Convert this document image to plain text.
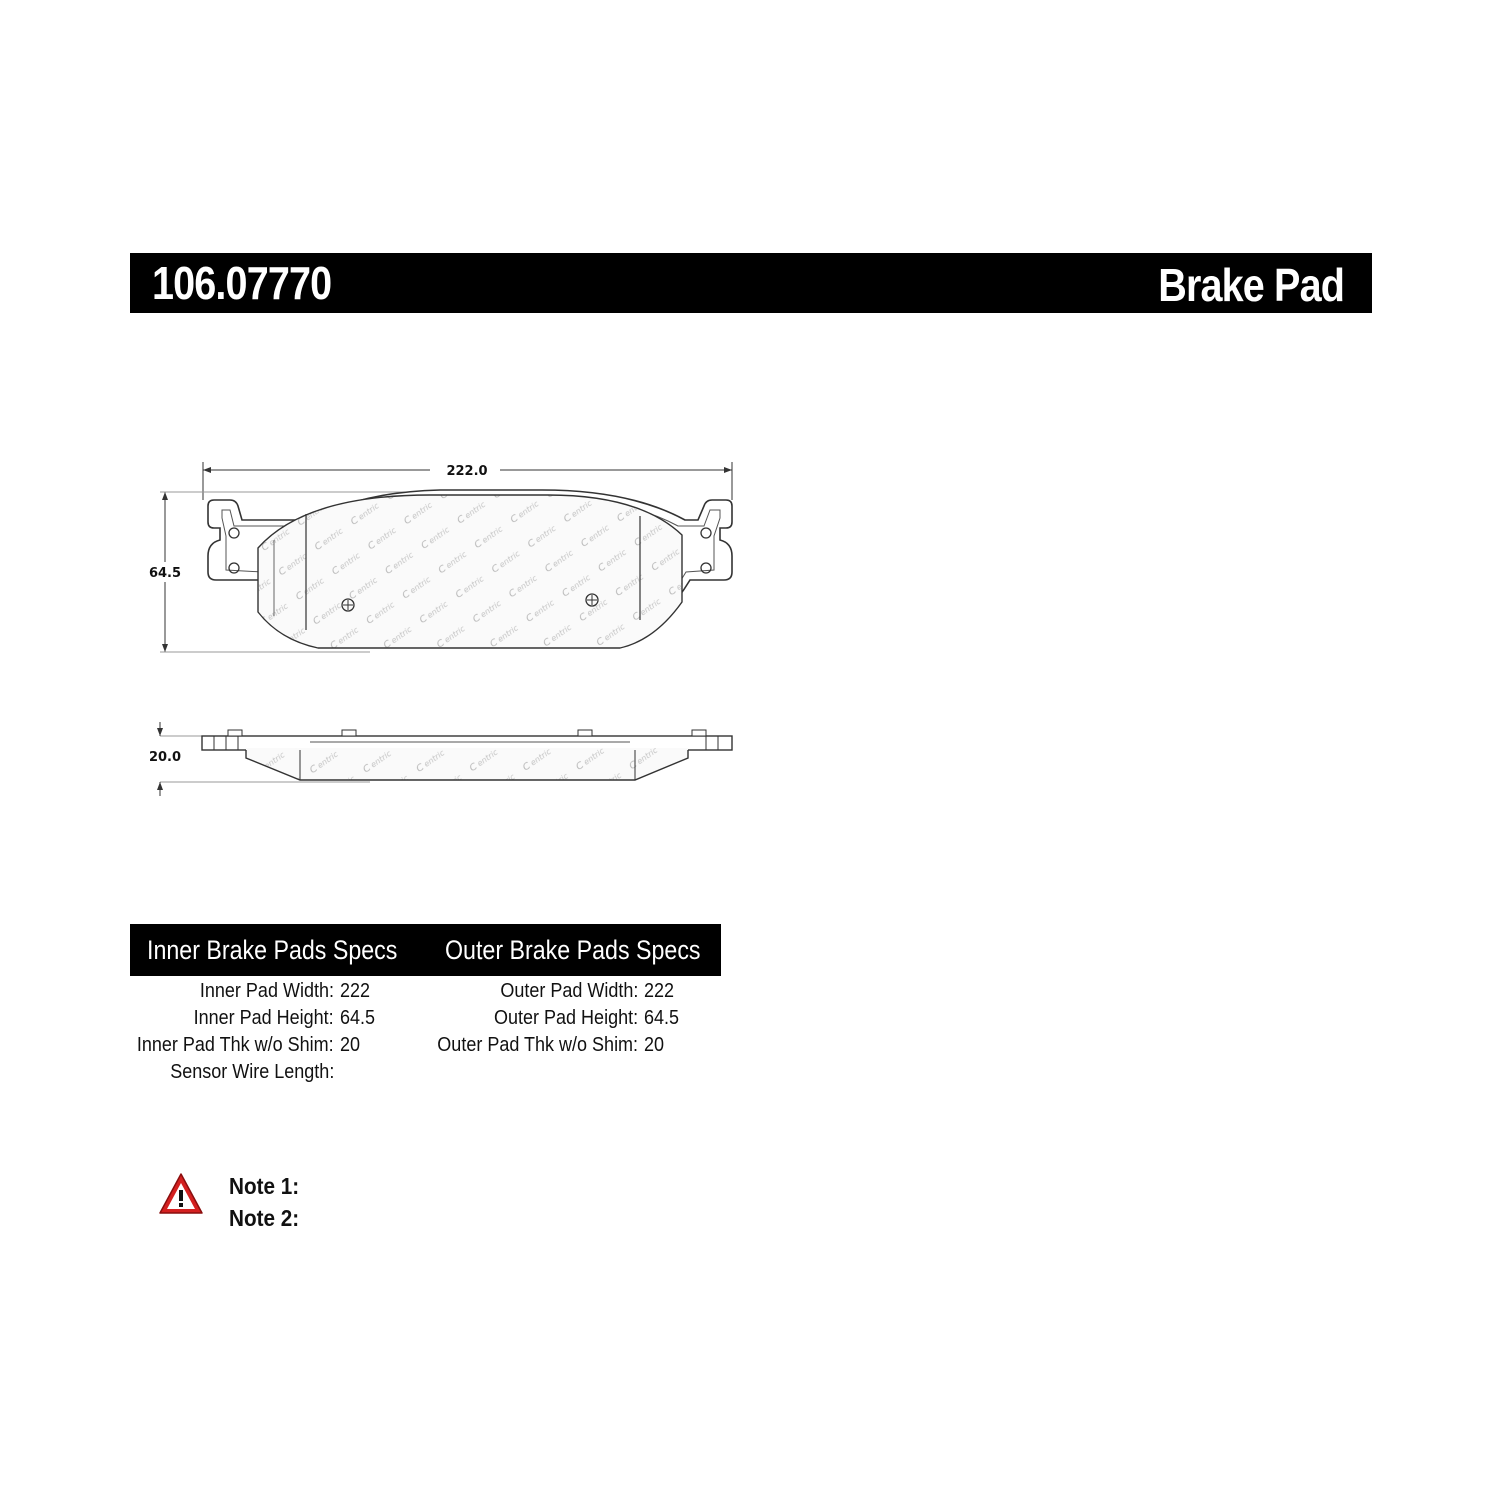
106.07770	Brake Pad
222.0
64.5
20.0
Inner Brake Pads Specs Outer Brake Pads Specs
Inner Pad Width: 222
Inner Pad Height: 64.5
Inner Pad Thk w/o Shim: 20
Sensor Wire Length:
Outer Pad Width: 222
Outer Pad Height: 64.5
Outer Pad Thk w/o Shim: 20
Note 1:
Note 2:
